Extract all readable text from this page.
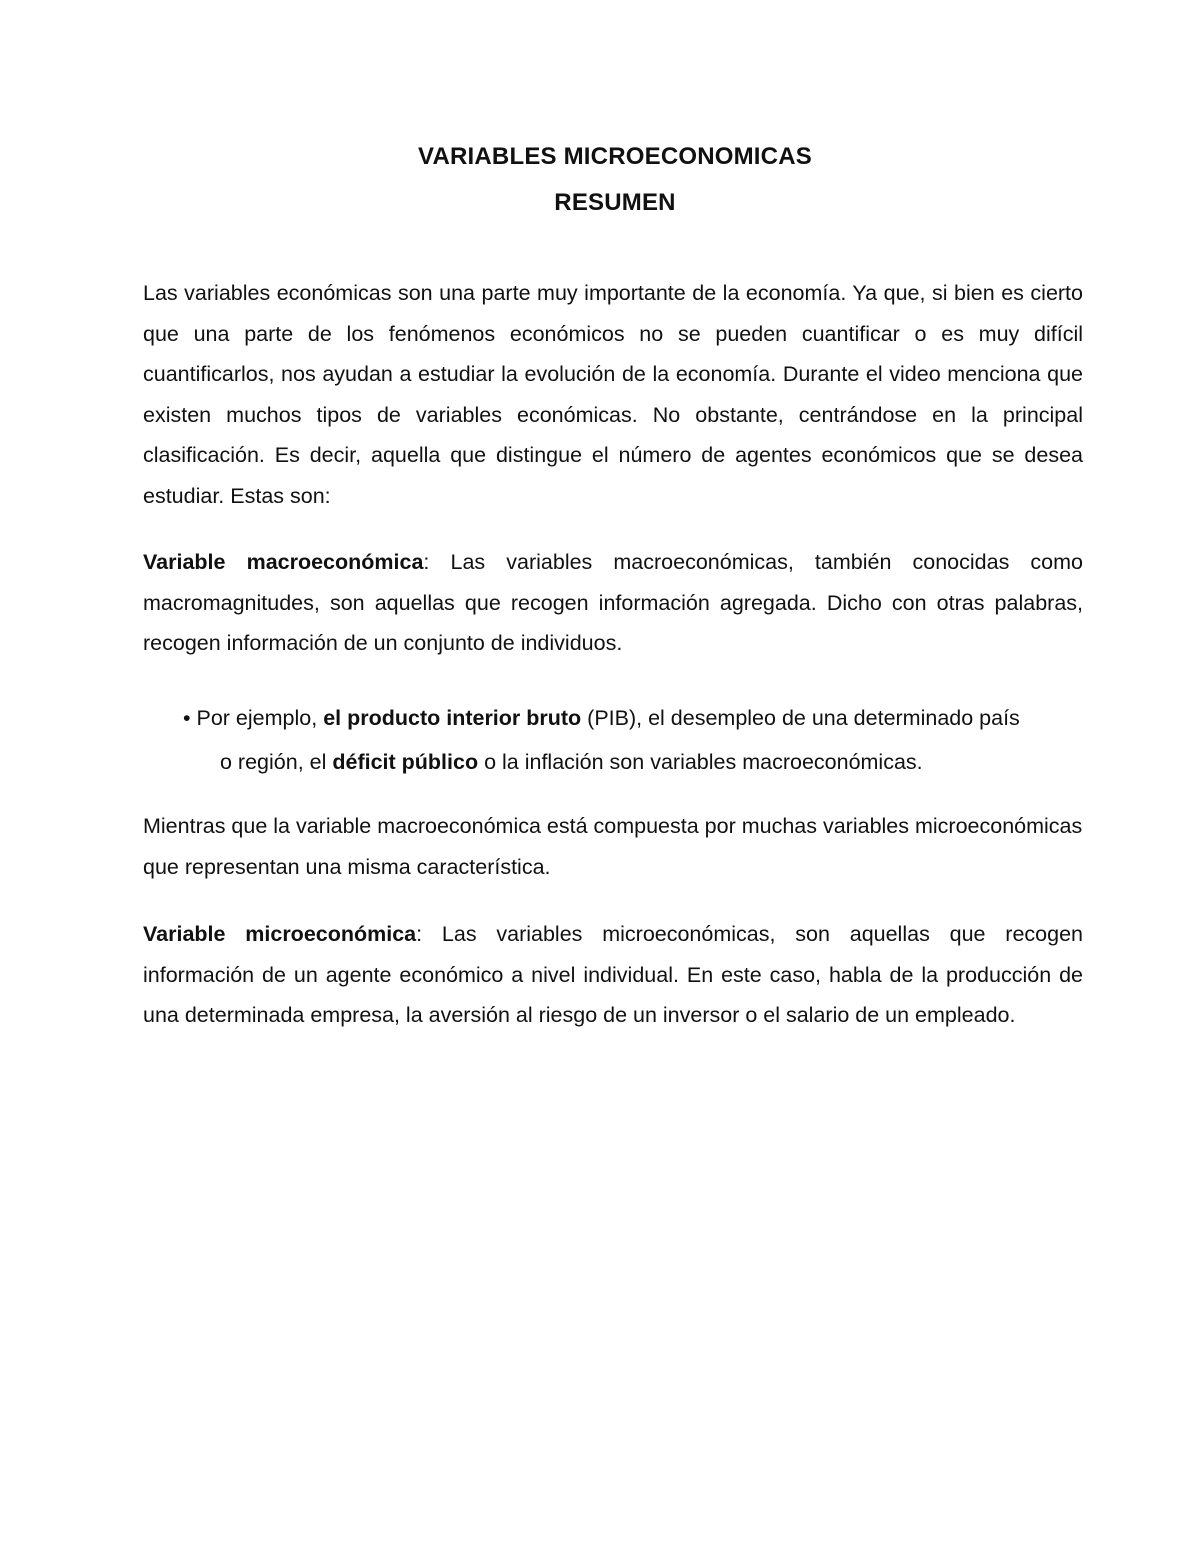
VARIABLES MICROECONOMICAS
RESUMEN

Las variables económicas son una parte muy importante de la economía. Ya que, si bien es cierto que una parte de los fenómenos económicos no se pueden cuantificar o es muy difícil cuantificarlos, nos ayudan a estudiar la evolución de la economía. Durante el video menciona que existen muchos tipos de variables económicas. No obstante, centrándose en la principal clasificación. Es decir, aquella que distingue el número de agentes económicos que se desea estudiar. Estas son:

Variable macroeconómica: Las variables macroeconómicas, también conocidas como macromagnitudes, son aquellas que recogen información agregada. Dicho con otras palabras, recogen información de un conjunto de individuos.

• Por ejemplo, el producto interior bruto (PIB), el desempleo de una determinado país
o región, el déficit público o la inflación son variables macroeconómicas.

Mientras que la variable macroeconómica está compuesta por muchas variables microeconómicas
que representan una misma característica.

Variable microeconómica: Las variables microeconómicas, son aquellas que recogen información de un agente económico a nivel individual. En este caso, habla de la producción de una determinada empresa, la aversión al riesgo de un inversor o el salario de un empleado.
